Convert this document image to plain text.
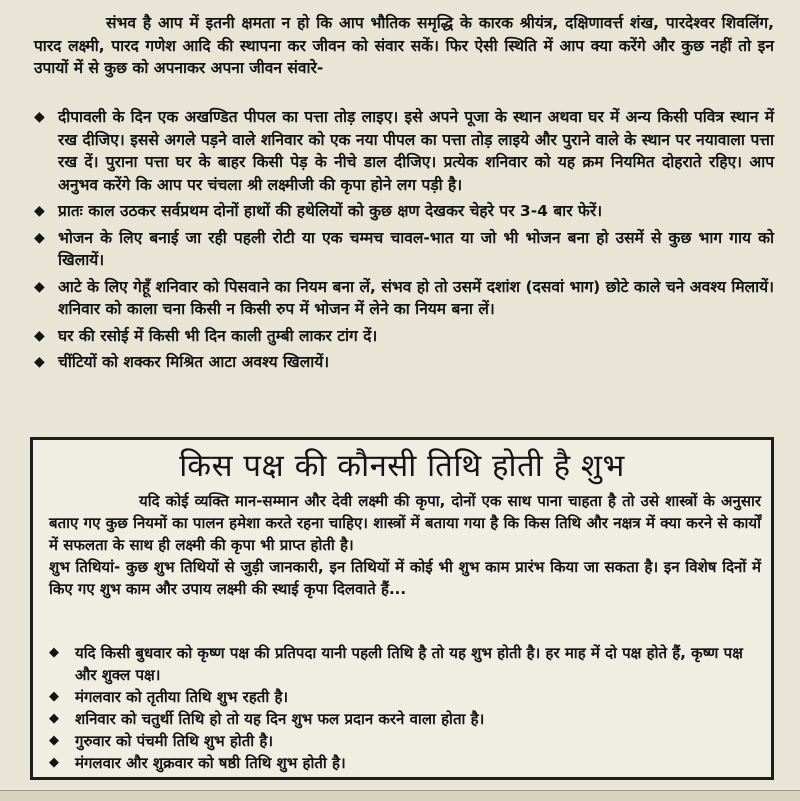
संभव है आप में इतनी क्षमता न हो कि आप भौतिक समृद्धि के कारक श्रीयंत्र, दक्षिणावर्त्त शंख, पारदेश्वर शिवलिंग, पारद लक्ष्मी, पारद गणेश आदि की स्थापना कर जीवन को संवार सकें। फिर ऐसी स्थिति में आप क्या करेंगे और कुछ नहीं तो इन उपायों में से कुछ को अपनाकर अपना जीवन संवारे-

◆ दीपावली के दिन एक अखण्डित पीपल का पत्ता तोड़ लाइए। इसे अपने पूजा के स्थान अथवा घर में अन्य किसी पवित्र स्थान में रख दीजिए। इससे अगले पड़ने वाले शनिवार को एक नया पीपल का पत्ता तोड़ लाइये और पुराने वाले के स्थान पर नयावाला पत्ता रख दें। पुराना पत्ता घर के बाहर किसी पेड़ के नीचे डाल दीजिए। प्रत्येक शनिवार को यह क्रम नियमित दोहराते रहिए। आप अनुभव करेंगे कि आप पर चंचला श्री लक्ष्मीजी की कृपा होने लग पड़ी है।
◆ प्रातः काल उठकर सर्वप्रथम दोनों हाथों की हथेलियों को कुछ क्षण देखकर चेहरे पर 3-4 बार फेरें।
◆ भोजन के लिए बनाई जा रही पहली रोटी या एक चम्मच चावल-भात या जो भी भोजन बना हो उसमें से कुछ भाग गाय को खिलायें।
◆ आटे के लिए गेहूँ शनिवार को पिसवाने का नियम बना लें, संभव हो तो उसमें दशांश (दसवां भाग) छोटे काले चने अवश्य मिलायें। शनिवार को काला चना किसी न किसी रुप में भोजन में लेने का नियम बना लें।
◆ घर की रसोई में किसी भी दिन काली तुम्बी लाकर टांग दें।
◆ चींटियों को शक्कर मिश्रित आटा अवश्य खिलायें।
किस पक्ष की कौनसी तिथि होती है शुभ

यदि कोई व्यक्ति मान-सम्मान और देवी लक्ष्मी की कृपा, दोनों एक साथ पाना चाहता है तो उसे शास्त्रों के अनुसार बताए गए कुछ नियमों का पालन हमेशा करते रहना चाहिए। शास्त्रों में बताया गया है कि किस तिथि और नक्षत्र में क्या करने से कार्यों में सफलता के साथ ही लक्ष्मी की कृपा भी प्राप्त होती है।

शुभ तिथियां- कुछ शुभ तिथियों से जुड़ी जानकारी, इन तिथियों में कोई भी शुभ काम प्रारंभ किया जा सकता है। इन विशेष दिनों में किए गए शुभ काम और उपाय लक्ष्मी की स्थाई कृपा दिलवाते हैं...

◆ यदि किसी बुधवार को कृष्ण पक्ष की प्रतिपदा यानी पहली तिथि है तो यह शुभ होती है। हर माह में दो पक्ष होते हैं, कृष्ण पक्ष और शुक्ल पक्ष।
◆ मंगलवार को तृतीया तिथि शुभ रहती है।
◆ शनिवार को चतुर्थी तिथि हो तो यह दिन शुभ फल प्रदान करने वाला होता है।
◆ गुरुवार को पंचमी तिथि शुभ होती है।
◆ मंगलवार और शुक्रवार को षष्ठी तिथि शुभ होती है।
